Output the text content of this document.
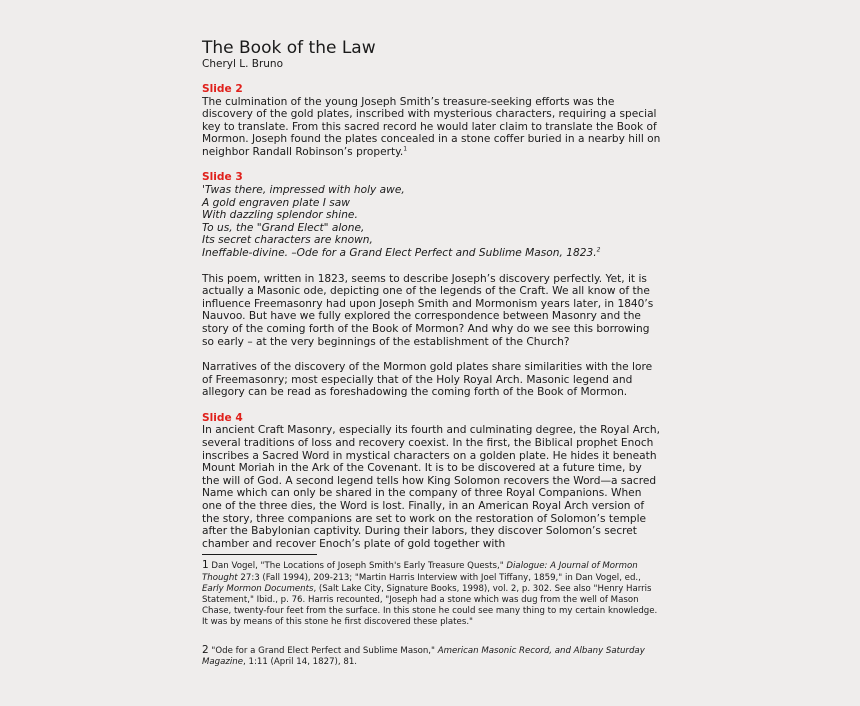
The Book of the Law
Cheryl L. Bruno
Slide 2

The culmination of the young Joseph Smith’s treasure-seeking efforts was the discovery of the gold plates, inscribed with mysterious characters, requiring a special key to translate. From this sacred record he would later claim to translate the Book of Mormon. Joseph found the plates concealed in a stone coffer buried in a nearby hill on neighbor Randall Robinson’s property.$^1$

Slide 3
'Twas there, impressed with holy awe,
A gold engraven plate I saw
With dazzling splendor shine.
To us, the "Grand Elect" alone,
Its secret characters are known,
Ineffable-divine. –Ode for a Grand Elect Perfect and Sublime Mason, 1823.$^2$

This poem, written in 1823, seems to describe Joseph’s discovery perfectly. Yet, it is actually a Masonic ode, depicting one of the legends of the Craft. We all know of the influence Freemasonry had upon Joseph Smith and Mormonism years later, in 1840’s Nauvoo. But have we fully explored the correspondence between Masonry and the story of the coming forth of the Book of Mormon? And why do we see this borrowing so early – at the very beginnings of the establishment of the Church?

Narratives of the discovery of the Mormon gold plates share similarities with the lore of Freemasonry; most especially that of the Holy Royal Arch. Masonic legend and allegory can be read as foreshadowing the coming forth of the Book of Mormon.

Slide 4

In ancient Craft Masonry, especially its fourth and culminating degree, the Royal Arch, several traditions of loss and recovery coexist. In the first, the Biblical prophet Enoch inscribes a Sacred Word in mystical characters on a golden plate. He hides it beneath Mount Moriah in the Ark of the Covenant. It is to be discovered at a future time, by the will of God. A second legend tells how King Solomon recovers the Word—a sacred Name which can only be shared in the company of three Royal Companions. When one of the three dies, the Word is lost. Finally, in an American Royal Arch version of the story, three companions are set to work on the restoration of Solomon’s temple after the Babylonian captivity. During their labors, they discover Solomon’s secret chamber and recover Enoch’s plate of gold together with

1 Dan Vogel, "The Locations of Joseph Smith's Early Treasure Quests," Dialogue: A Journal of Mormon Thought 27:3 (Fall 1994), 209-213; "Martin Harris Interview with Joel Tiffany, 1859," in Dan Vogel, ed., Early Mormon Documents, (Salt Lake City, Signature Books, 1998), vol. 2, p. 302. See also "Henry Harris Statement," Ibid., p. 76. Harris recounted, "Joseph had a stone which was dug from the well of Mason Chase, twenty-four feet from the surface. In this stone he could see many thing to my certain knowledge. It was by means of this stone he first discovered these plates."
2 "Ode for a Grand Elect Perfect and Sublime Mason," American Masonic Record, and Albany Saturday Magazine, 1:11 (April 14, 1827), 81.
